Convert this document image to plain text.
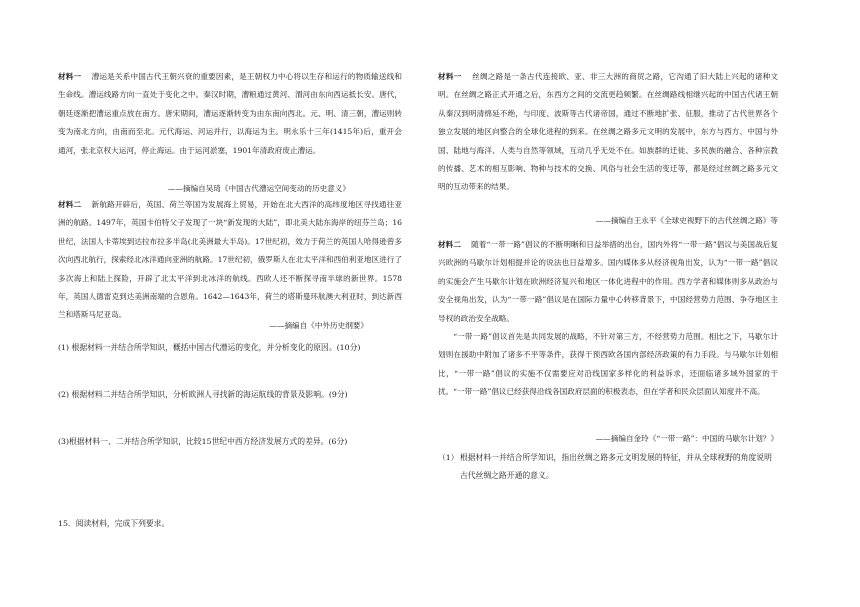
材料一　 漕运是关系中国古代王朝兴衰的重要因素，是王朝权力中心将以生存和运行的物质输送线和生命线。漕运线路方向一直处于变化之中。秦汉时期，漕粮通过黄河、渭河由东向西运抵长安。唐代，朝廷逐渐把漕运重点放在南方。唐宋期间，漕运逐渐转变为由东南向西北。元、明、清三朝，漕运则转变为南北方向，由南而至北。元代海运、河运并行，以海运为主。明永乐十三年(1415年)后，重开会通河，张北京权大运河，停止海运。由于运河淤塞，1901年清政府废止漕运。

——摘编自吴琦《中国古代漕运空间变动的历史意义》

材料二　 新航路开辟后，英国、荷兰等国为发展海上贸易，开始在北大西洋的高纬度地区寻找通往亚洲的航路。1497年，英国卡伯特父子发现了一块“新发现的大陆”，即北美大陆东海岸的纽芬兰岛；16世纪，法国人卡蒂埃到达拉布拉多半岛(北美洲最大半岛)。17世纪初，效力于荷兰的英国人哈得逊曾多次向西北航行，探索经北冰洋通向亚洲的航路。17世纪初，俄罗斯人在北太平洋和西伯利亚地区进行了多次海上和陆上探险，开辟了北太平洋到北冰洋的航线。西欧人还不断探寻南半球的新世界。1578年，英国人德雷克到达美洲南端的合恩角。1642—1643年，荷兰的塔斯曼环航澳大利亚时，到达新西兰和塔斯马尼亚岛。

——摘编自《中外历史纲要》
(1) 根据材料一并结合所学知识，概括中国古代漕运的变化，并分析变化的原因。(10分)
(2) 根据材料二并结合所学知识，分析欧洲人寻找新的海运航线的背景及影响。(9分)
(3)根据材料一、二并结合所学知识，比较15世纪中西方经济发展方式的差异。(6分)
15．阅读材料，完成下列要求。

材料一　 丝绸之路是一条古代连接欧、亚、非三大洲的商贸之路，它沟通了旧大陆上兴起的诸种文明。在丝绸之路正式开通之后，东西方之间的交流更趋频繁。在丝绸路线相继兴起的中国古代诸王朝从秦汉到明清绵延不绝，与印度、波斯等古代诸帝国，通过不断地扩张、征服，推动了古代世界各个独立发展的地区向整合的全球化进程的到来。在丝绸之路多元文明的发展中，东方与西方、中国与外国、陆地与海洋、人类与自然等领域，互动几乎无处不在。如族群的迁徙、多民族的融合、各种宗教的传播、艺术的相互影响、物种与技术的交换、风俗与社会生活的变迁等，都是经过丝绸之路多元文明的互动带来的结果。

——摘编自王永平《全球史视野下的古代丝绸之路》等

材料二　 随着“一带一路”倡议的不断明晰和日益举措的出台，国内外将“一带一路”倡议与美国战后复兴欧洲的马歇尔计划相提并论的说法也日益增多。国内媒体多从经济视角出发，认为“一带一路”倡议的实施会产生马歇尔计划在欧洲经济复兴和地区一体化进程中的作用。西方学者和媒体则多从政治与安全视角出发，认为“一带一路”倡议是在国际力量中心转移背景下，中国经营势力范围、争夺地区主导权的政治安全战略。

“一带一路”倡议首先是共同发展的战略，不针对第三方，不经营势力范围。相比之下，马歇尔计划则在援助中附加了诸多不平等条件，获得干预西欧各国内部经济政策的有力手段。与马歇尔计划相比，“一带一路”倡议的实施不仅需要应对沿线国家多样化的利益诉求，还面临诸多域外国家的干扰。“一带一路”倡议已经获得沿线各国政府层面的积极表态，但在学者和民众层面认知度并不高。

——摘编自金玲《“一带一路”：中国的马歇尔计划？》
（1） 根据材料一并结合所学知识，指出丝绸之路多元文明发展的特征，并从全球视野的角度说明古代丝绸之路开通的意义。
